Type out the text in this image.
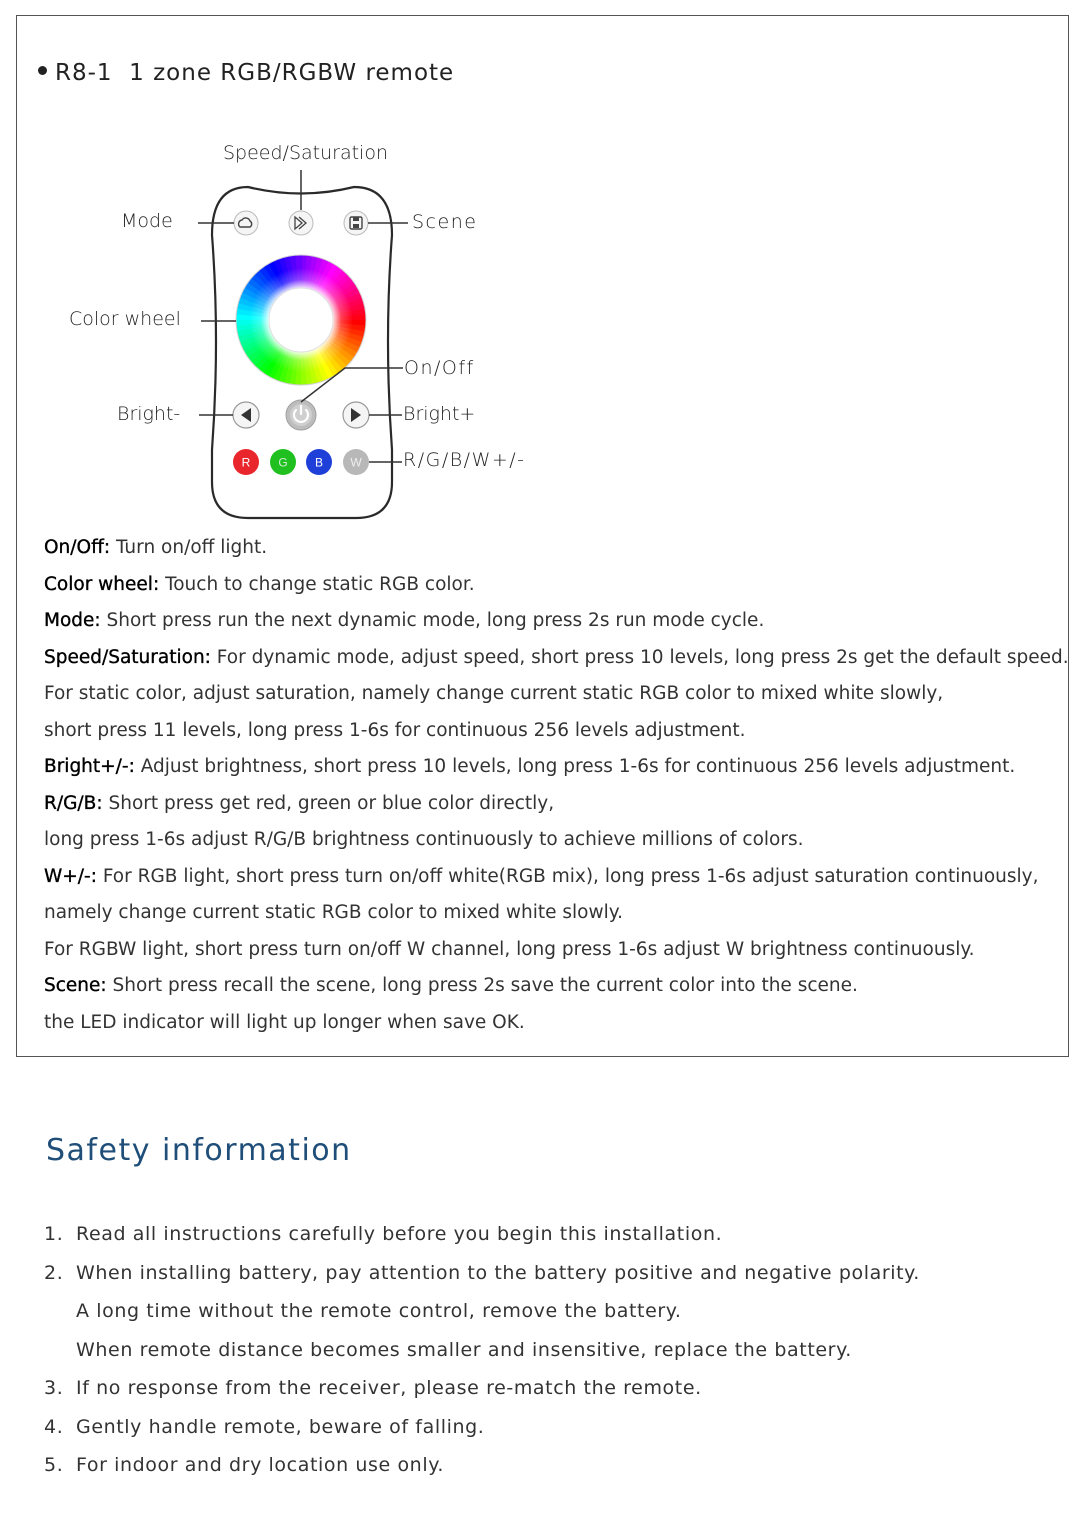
R8-1  1 zone RGB/RGBW remote
R G B W
Speed/Saturation
Mode	Scene
Color wheel
On/Off
Bright-	Bright+
R/G/B/W+/-

On/Off: Turn on/off light.

Color wheel: Touch to change static RGB color.

Mode: Short press run the next dynamic mode, long press 2s run mode cycle.

Speed/Saturation: For dynamic mode, adjust speed, short press 10 levels, long press 2s get the default speed.

For static color, adjust saturation, namely change current static RGB color to mixed white slowly,

short press 11 levels, long press 1-6s for continuous 256 levels adjustment.

Bright+/-: Adjust brightness, short press 10 levels, long press 1-6s for continuous 256 levels adjustment.

R/G/B: Short press get red, green or blue color directly,

long press 1-6s adjust R/G/B brightness continuously to achieve millions of colors.

W+/-: For RGB light, short press turn on/off white(RGB mix), long press 1-6s adjust saturation continuously,

namely change current static RGB color to mixed white slowly.

For RGBW light, short press turn on/off W channel, long press 1-6s adjust W brightness continuously.

Scene: Short press recall the scene, long press 2s save the current color into the scene.

the LED indicator will light up longer when save OK.

Safety information
1. Read all instructions carefully before you begin this installation.
2. When installing battery, pay attention to the battery positive and negative polarity.
A long time without the remote control, remove the battery.
When remote distance becomes smaller and insensitive, replace the battery.
3. If no response from the receiver, please re-match the remote.
4. Gently handle remote, beware of falling.
5. For indoor and dry location use only.
